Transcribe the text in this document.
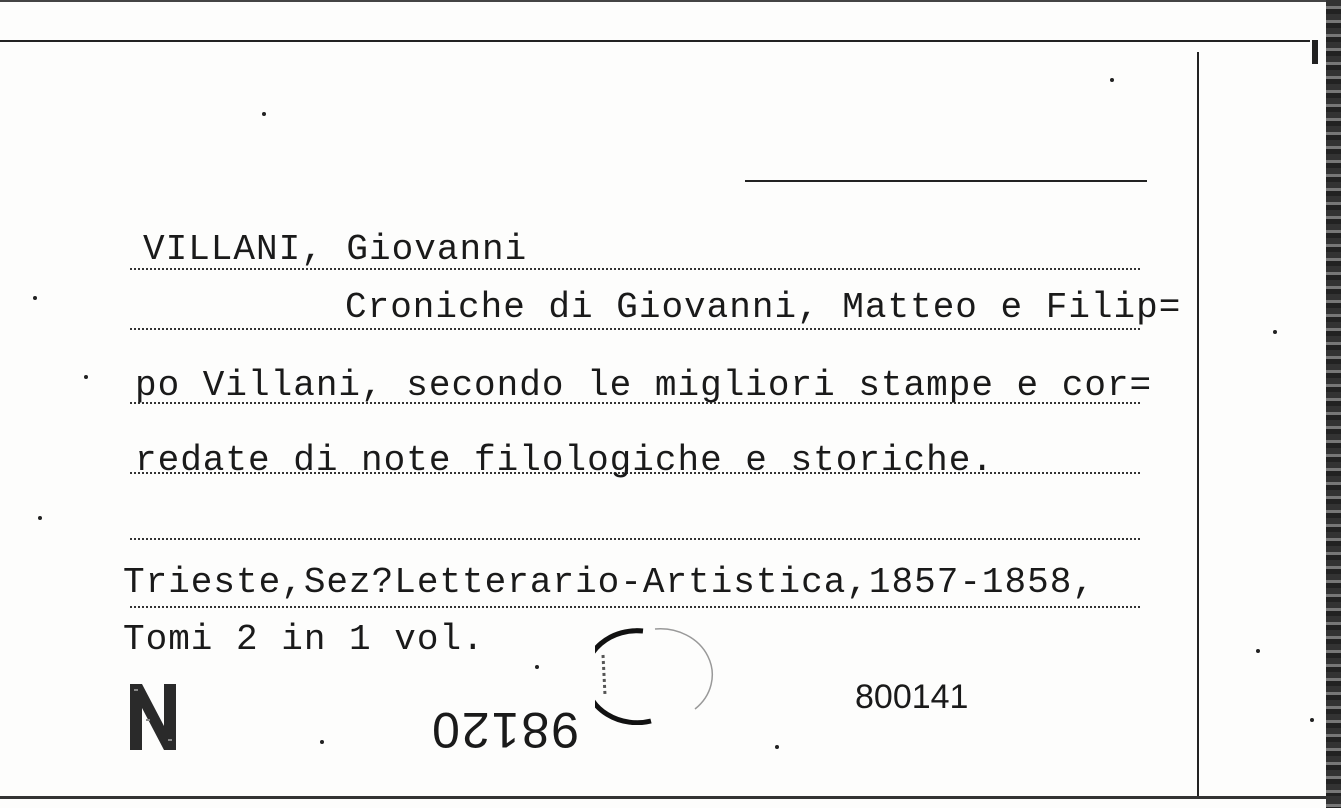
VILLANI, Giovanni
Croniche di Giovanni, Matteo e Filip=
po Villani, secondo le migliori stampe e cor=
redate di note filologiche e storiche.
Trieste,Sez?Letterario-Artistica,1857-1858,
Tomi 2 in 1 vol.
98120
800141
